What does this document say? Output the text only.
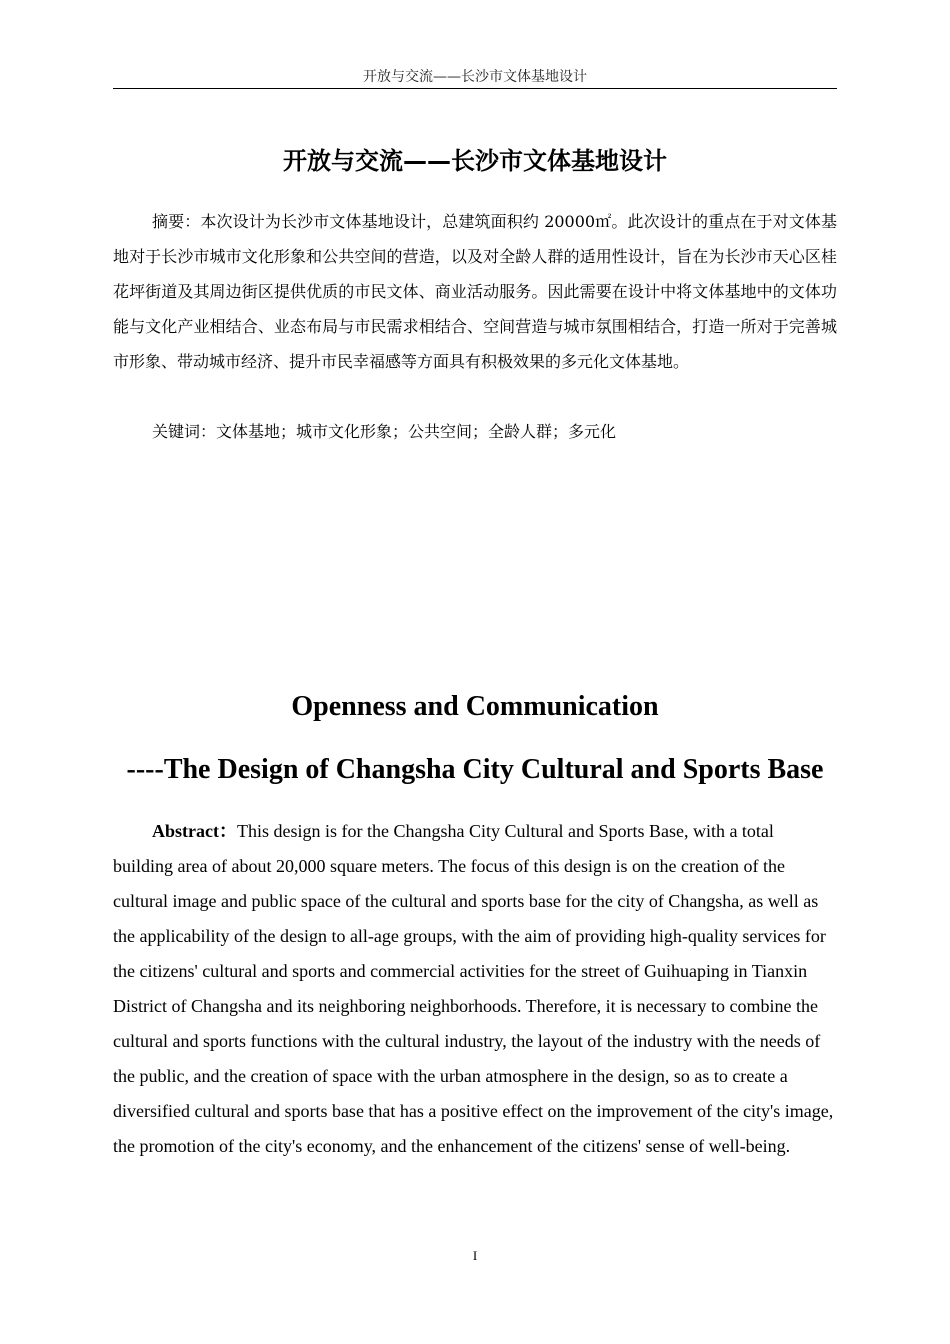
开放与交流——长沙市文体基地设计
开放与交流——长沙市文体基地设计

摘要：本次设计为长沙市文体基地设计，总建筑面积约 20000㎡。此次设计的重点在于对文体基地对于长沙市城市文化形象和公共空间的营造，以及对全龄人群的适用性设计，旨在为长沙市天心区桂花坪街道及其周边街区提供优质的市民文体、商业活动服务。因此需要在设计中将文体基地中的文体功能与文化产业相结合、业态布局与市民需求相结合、空间营造与城市氛围相结合，打造一所对于完善城市形象、带动城市经济、提升市民幸福感等方面具有积极效果的多元化文体基地。

关键词：文体基地；城市文化形象；公共空间；全龄人群；多元化

Openness and Communication
----The Design of Changsha City Cultural and Sports Base

Abstract：This design is for the Changsha City Cultural and Sports Base, with a total building area of about 20,000 square meters. The focus of this design is on the creation of the cultural image and public space of the cultural and sports base for the city of Changsha, as well as the applicability of the design to all-age groups, with the aim of providing high-quality services for the citizens' cultural and sports and commercial activities for the street of Guihuaping in Tianxin District of Changsha and its neighboring neighborhoods. Therefore, it is necessary to combine the cultural and sports functions with the cultural industry, the layout of the industry with the needs of the public, and the creation of space with the urban atmosphere in the design, so as to create a diversified cultural and sports base that has a positive effect on the improvement of the city's image, the promotion of the city's economy, and the enhancement of the citizens' sense of well-being.

I
